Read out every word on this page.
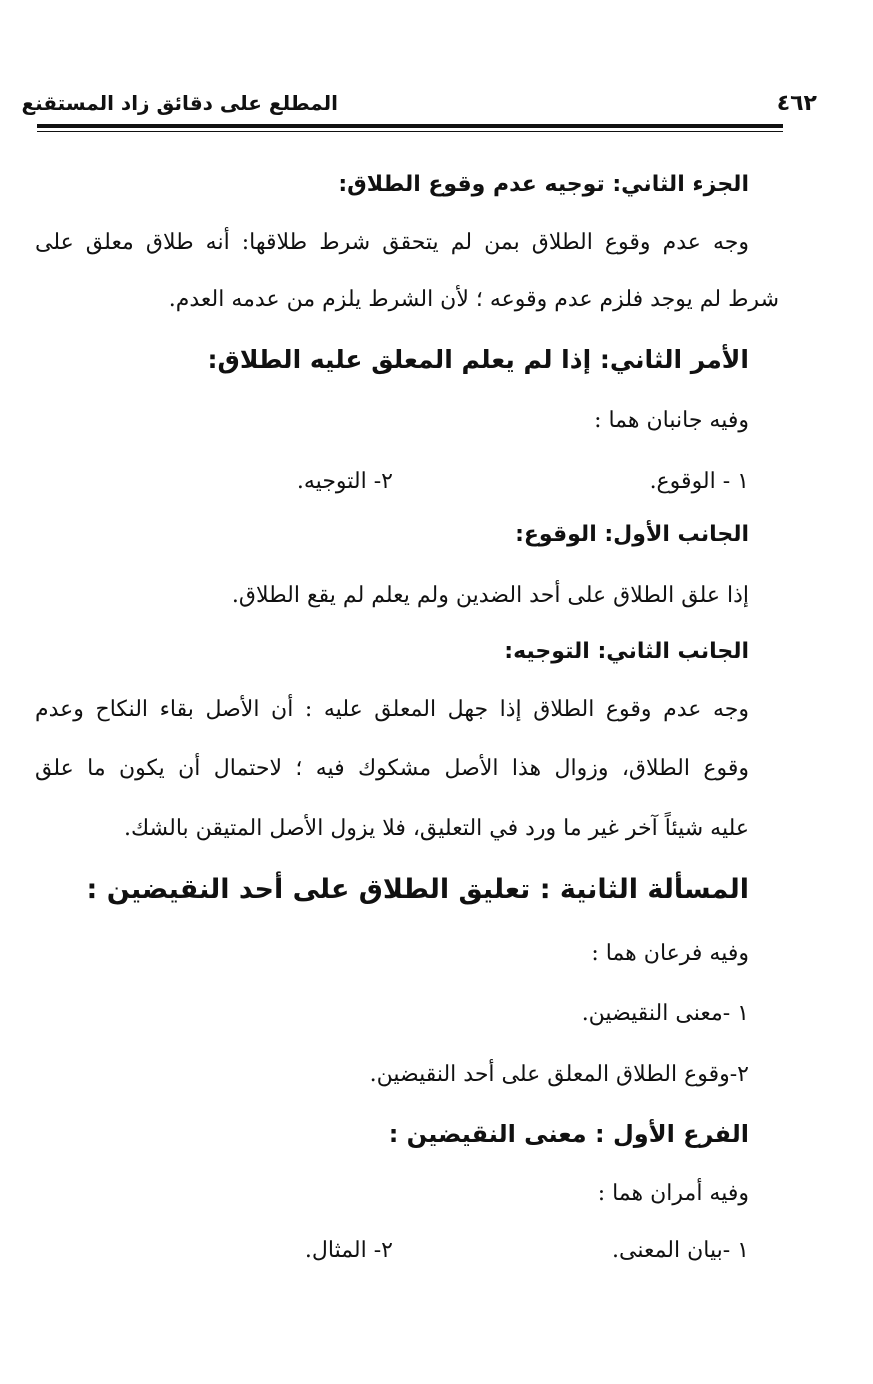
المطلع على دقائق زاد المستقنع	٤٦٢
الجزء الثاني: توجيه عدم وقوع الطلاق:
وجه عدم وقوع الطلاق بمن لم يتحقق شرط طلاقها: أنه طلاق معلق على
شرط لم يوجد فلزم عدم وقوعه ؛ لأن الشرط يلزم من عدمه العدم.
الأمر الثاني: إذا لم يعلم المعلق عليه الطلاق:
وفيه جانبان هما :
١ - الوقوع.
٢- التوجيه.
الجانب الأول: الوقوع:
إذا علق الطلاق على أحد الضدين ولم يعلم لم يقع الطلاق.
الجانب الثاني: التوجيه:
وجه عدم وقوع الطلاق إذا جهل المعلق عليه : أن الأصل بقاء النكاح وعدم
وقوع الطلاق، وزوال هذا الأصل مشكوك فيه ؛ لاحتمال أن يكون ما علق
عليه شيئاً آخر غير ما ورد في التعليق، فلا يزول الأصل المتيقن بالشك.
المسألة الثانية : تعليق الطلاق على أحد النقيضين :
وفيه فرعان هما :
١ -معنى النقيضين.
٢-وقوع الطلاق المعلق على أحد النقيضين.
الفرع الأول : معنى النقيضين :
وفيه أمران هما :
١ -بيان المعنى.
٢- المثال.
